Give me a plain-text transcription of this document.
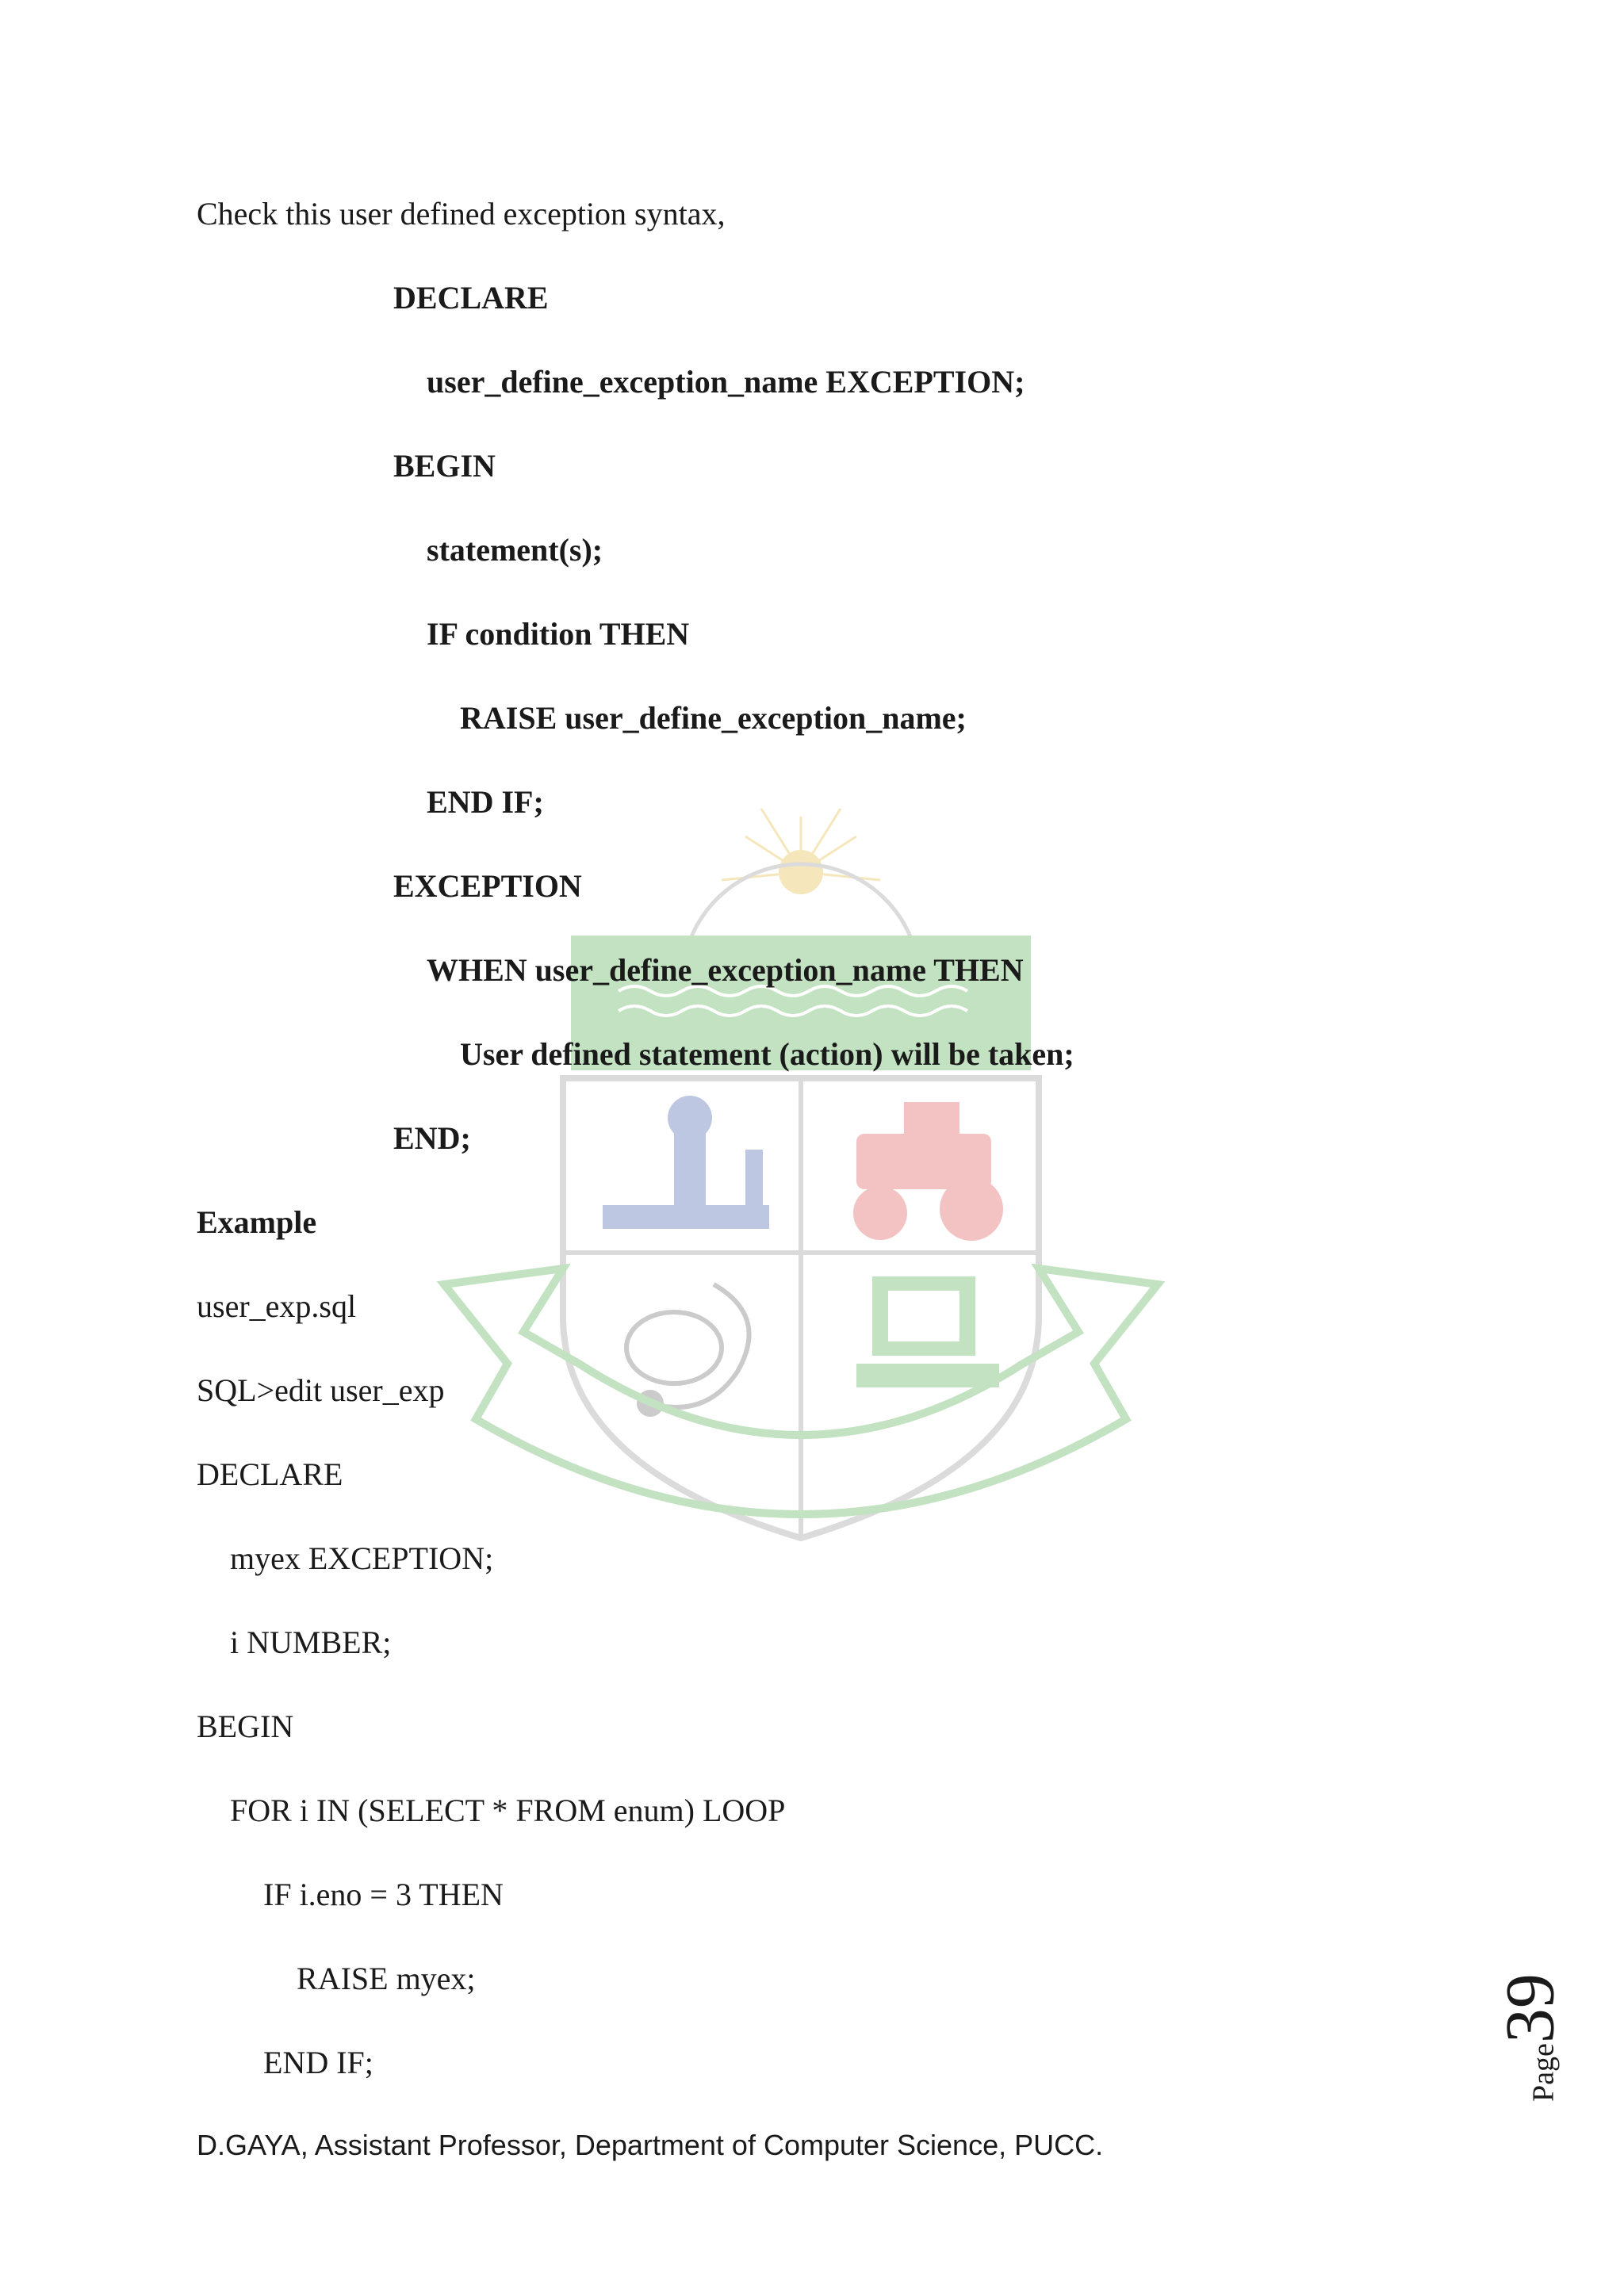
Check this user defined exception syntax,
DECLARE
user_define_exception_name EXCEPTION;
BEGIN
statement(s);
IF condition THEN
RAISE user_define_exception_name;
END IF;
EXCEPTION
WHEN user_define_exception_name THEN
User defined statement (action) will be taken;
END;
Example
user_exp.sql
SQL>edit user_exp
DECLARE
myex EXCEPTION;
i NUMBER;
BEGIN
FOR i IN (SELECT * FROM enum) LOOP
IF i.eno = 3 THEN
RAISE myex;
END IF;	Page39
D.GAYA, Assistant Professor, Department of Computer Science, PUCC.
